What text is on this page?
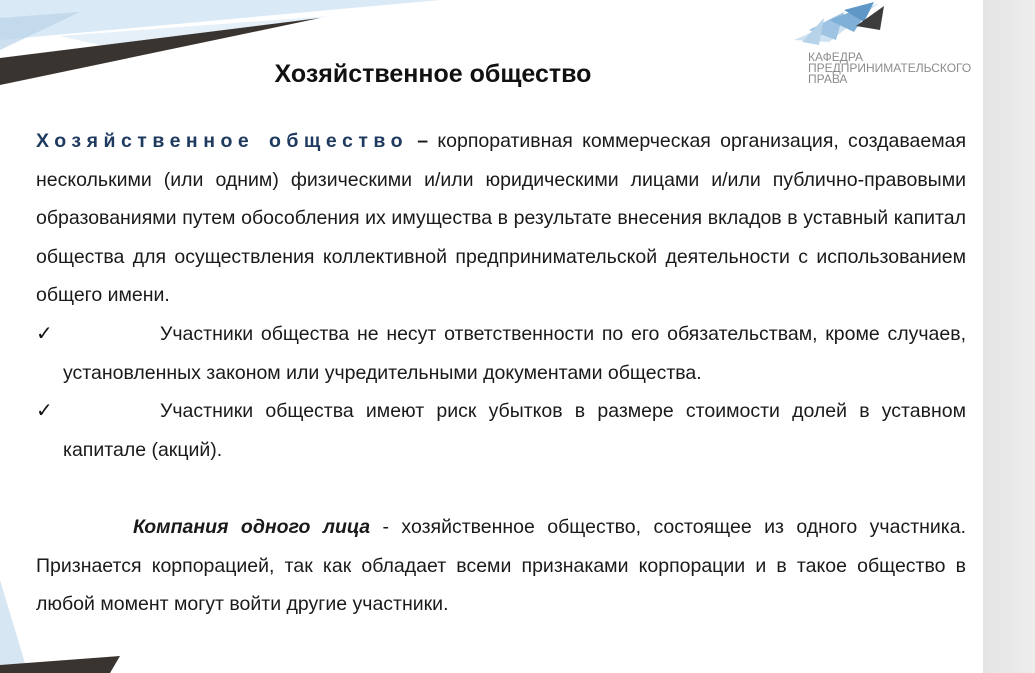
КАФЕДРА
ПРЕДПРИНИМАТЕЛЬСКОГО
ПРАВА
Хозяйственное общество

Хозяйственное общество – корпоративная коммерческая организация, создаваемая несколькими (или одним) физическими и/или юридическими лицами и/или публично-правовыми образованиями путем обособления их имущества в результате внесения вкладов в уставный капитал общества для осуществления коллективной предпринимательской деятельности с использованием общего имени.

✓	Участники общества не несут ответственности по его обязательствам, кроме случаев, установленных законом или учредительными документами общества.

✓	Участники общества имеют риск убытков в размере стоимости долей в уставном капитале (акций).

Компания одного лица - хозяйственное общество, состоящее из одного участника. Признается корпорацией, так как обладает всеми признаками корпорации и в такое общество в любой момент могут войти другие участники.
